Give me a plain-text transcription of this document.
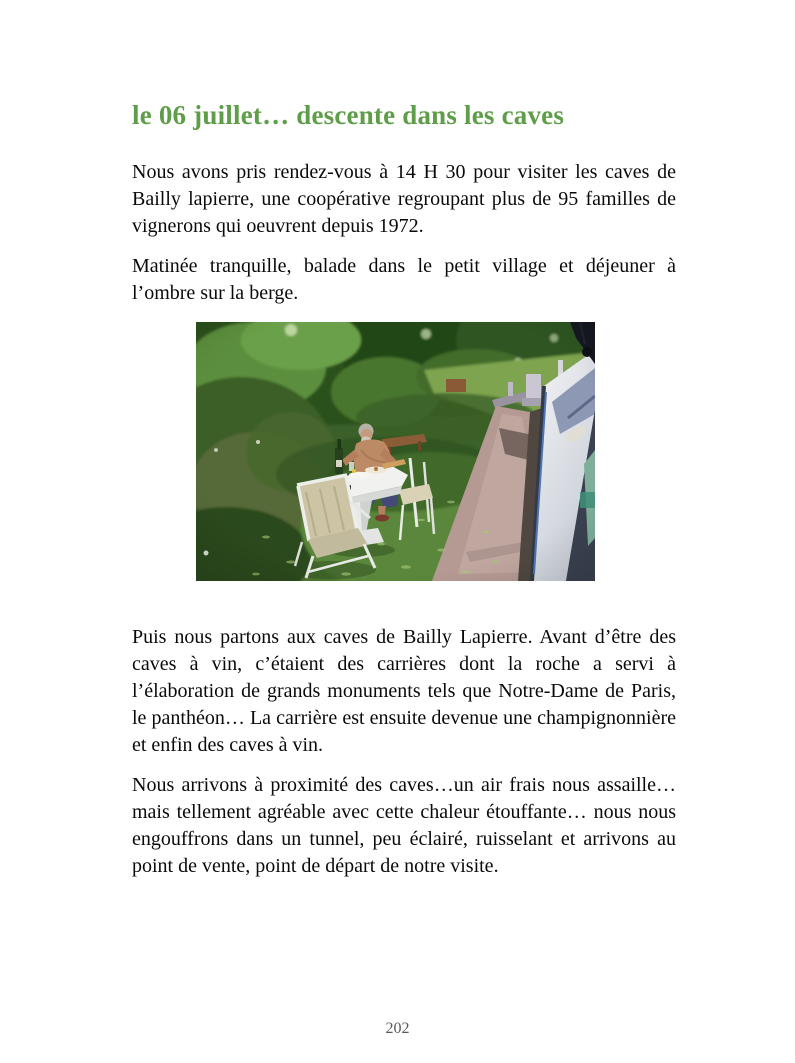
le 06 juillet… descente dans les caves

Nous avons pris rendez-vous à 14 H 30 pour visiter les caves de Bailly lapierre, une coopérative regroupant plus de 95 familles de vignerons qui oeuvrent depuis 1972.

Matinée tranquille, balade dans le petit village et déjeuner à l’ombre sur la berge.

Puis nous partons aux caves de Bailly Lapierre. Avant d’être des caves à vin, c’étaient des carrières dont la roche a servi à l’élaboration de grands monuments tels que Notre-Dame de Paris, le panthéon… La carrière est ensuite devenue une champignonnière et enfin des caves à vin.

Nous arrivons à proximité des caves…un air frais nous assaille… mais tellement agréable avec cette chaleur étouffante… nous nous engouffrons dans un tunnel, peu éclairé, ruisselant et arrivons au point de vente, point de départ de notre visite.

202
